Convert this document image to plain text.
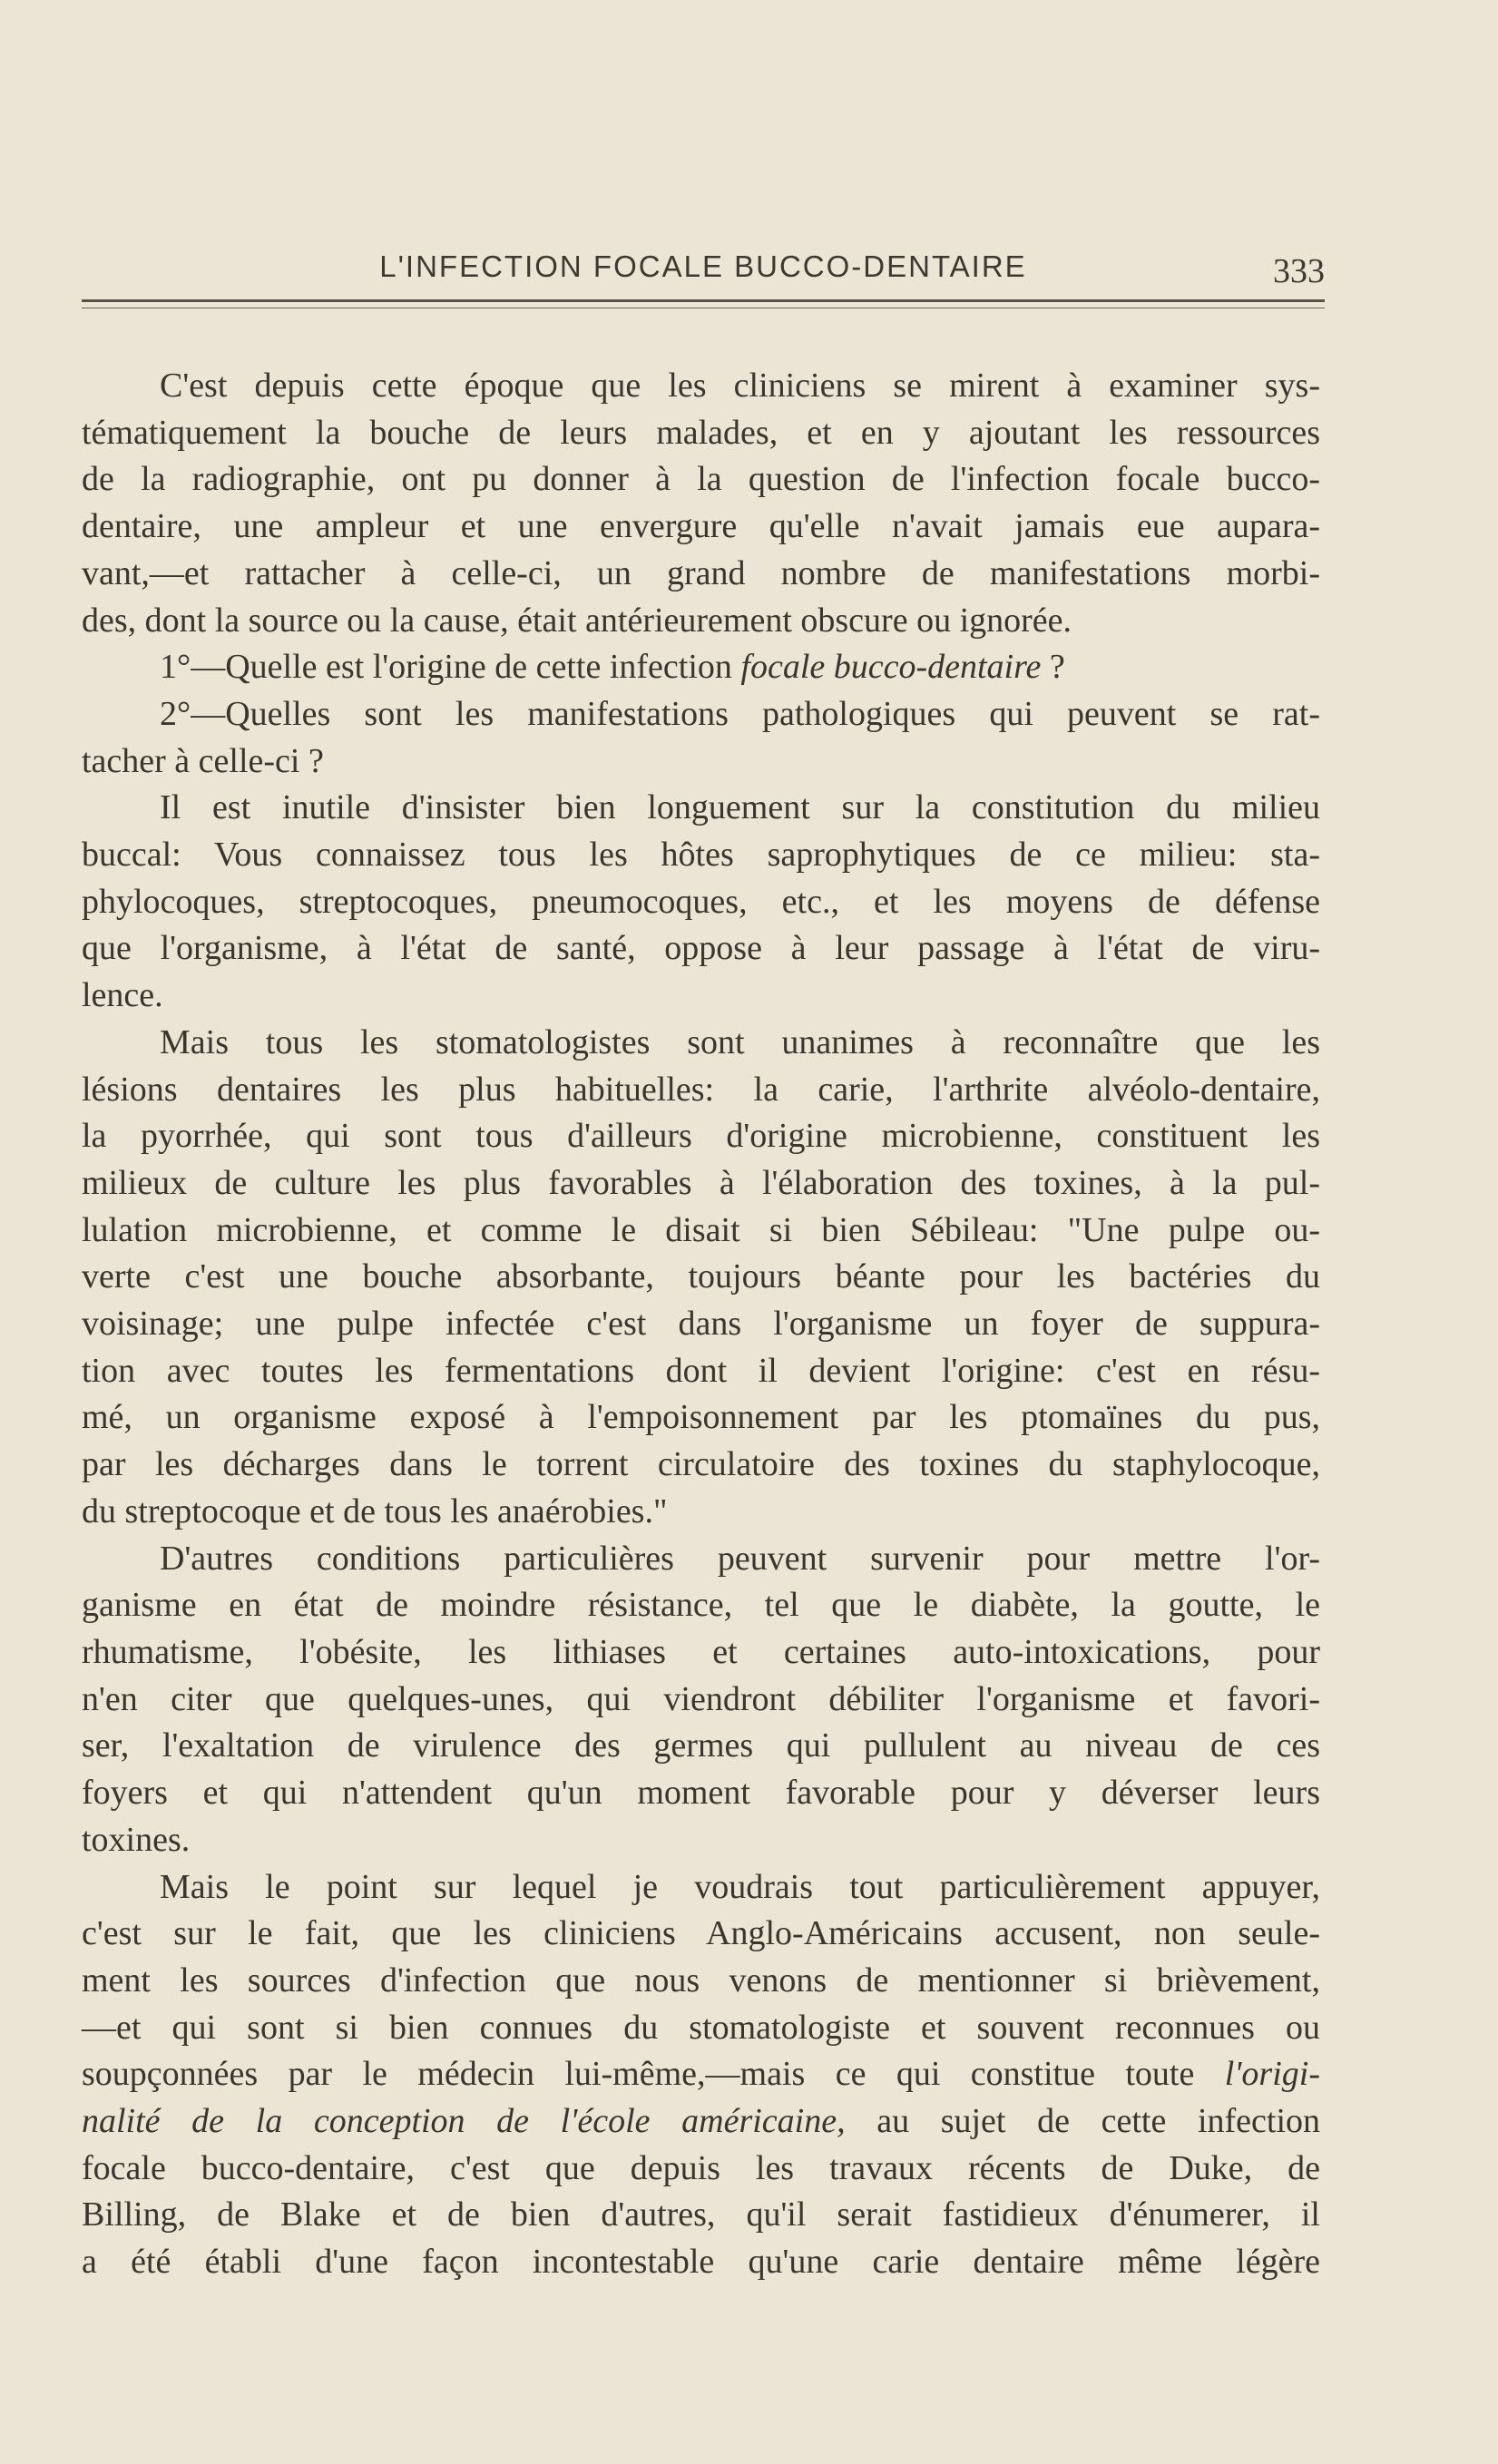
L'INFECTION FOCALE BUCCO-DENTAIRE	333
C'est depuis cette époque que les cliniciens se mirent à examiner sys-
tématiquement la bouche de leurs malades, et en y ajoutant les ressources
de la radiographie, ont pu donner à la question de l'infection focale bucco-
dentaire, une ampleur et une envergure qu'elle n'avait jamais eue aupara-
vant,—et rattacher à celle-ci, un grand nombre de manifestations morbi-
des, dont la source ou la cause, était antérieurement obscure ou ignorée.
1°—Quelle est l'origine de cette infection focale bucco-dentaire ?
2°—Quelles sont les manifestations pathologiques qui peuvent se rat-
tacher à celle-ci ?
Il est inutile d'insister bien longuement sur la constitution du milieu
buccal: Vous connaissez tous les hôtes saprophytiques de ce milieu: sta-
phylocoques, streptocoques, pneumocoques, etc., et les moyens de défense
que l'organisme, à l'état de santé, oppose à leur passage à l'état de viru-
lence.
Mais tous les stomatologistes sont unanimes à reconnaître que les
lésions dentaires les plus habituelles: la carie, l'arthrite alvéolo-dentaire,
la pyorrhée, qui sont tous d'ailleurs d'origine microbienne, constituent les
milieux de culture les plus favorables à l'élaboration des toxines, à la pul-
lulation microbienne, et comme le disait si bien Sébileau: "Une pulpe ou-
verte c'est une bouche absorbante, toujours béante pour les bactéries du
voisinage; une pulpe infectée c'est dans l'organisme un foyer de suppura-
tion avec toutes les fermentations dont il devient l'origine: c'est en résu-
mé, un organisme exposé à l'empoisonnement par les ptomaïnes du pus,
par les décharges dans le torrent circulatoire des toxines du staphylocoque,
du streptocoque et de tous les anaérobies."
D'autres conditions particulières peuvent survenir pour mettre l'or-
ganisme en état de moindre résistance, tel que le diabète, la goutte, le
rhumatisme, l'obésite, les lithiases et certaines auto-intoxications, pour
n'en citer que quelques-unes, qui viendront débiliter l'organisme et favori-
ser, l'exaltation de virulence des germes qui pullulent au niveau de ces
foyers et qui n'attendent qu'un moment favorable pour y déverser leurs
toxines.
Mais le point sur lequel je voudrais tout particulièrement appuyer,
c'est sur le fait, que les cliniciens Anglo-Américains accusent, non seule-
ment les sources d'infection que nous venons de mentionner si brièvement,
—et qui sont si bien connues du stomatologiste et souvent reconnues ou
soupçonnées par le médecin lui-même,—mais ce qui constitue toute l'origi-
nalité de la conception de l'école américaine, au sujet de cette infection
focale bucco-dentaire, c'est que depuis les travaux récents de Duke, de
Billing, de Blake et de bien d'autres, qu'il serait fastidieux d'énumerer, il
a été établi d'une façon incontestable qu'une carie dentaire même légère
